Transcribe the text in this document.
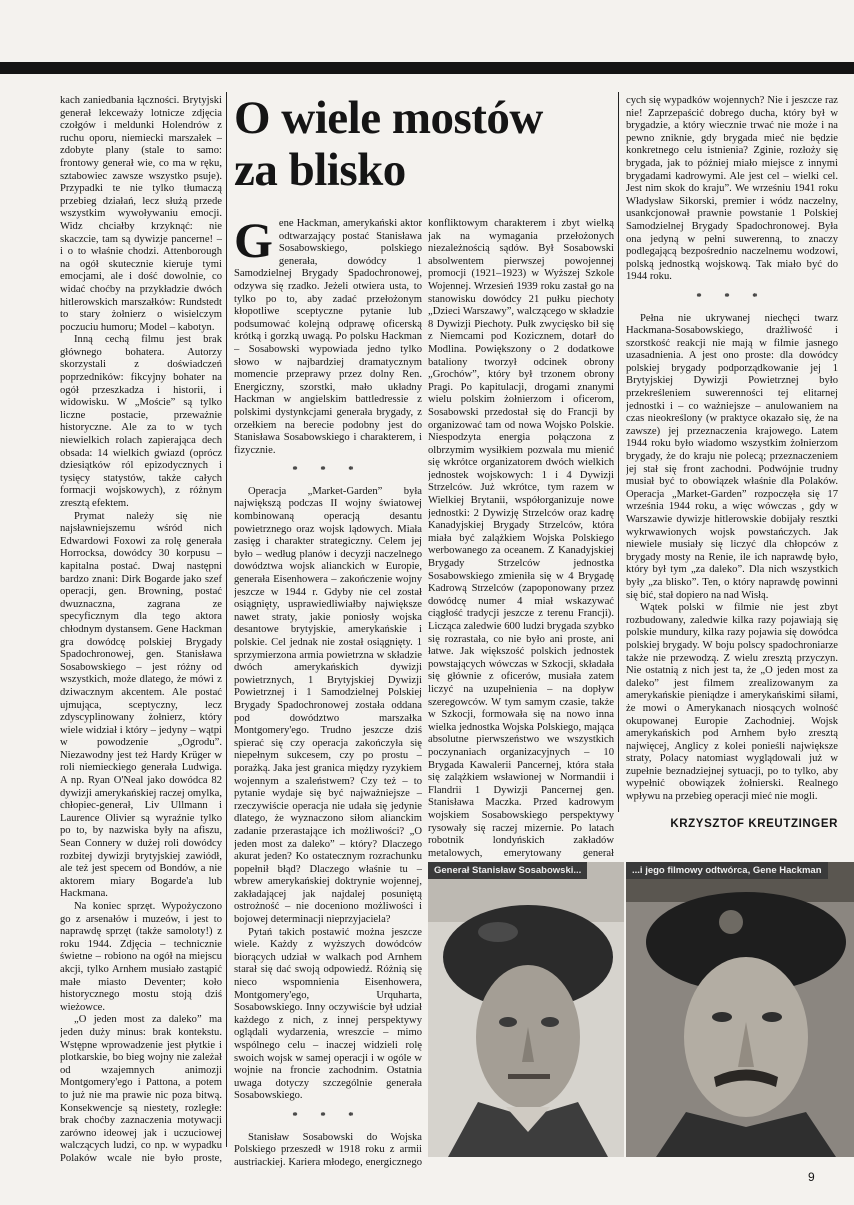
kach zaniedbania łączności. Brytyjski generał lekceważy lotnicze zdjęcia czołgów i meldunki Holendrów z ruchu oporu, niemiecki marszałek – zdobyte plany (stale to samo: frontowy generał wie, co ma w ręku, sztabowiec zawsze wszystko psuje). Przypadki te nie tylko tłumaczą przebieg działań, lecz służą przede wszystkim wywoływaniu emocji. Widz chciałby krzyknąć: nie skaczcie, tam są dywizje pancerne! – i o to właśnie chodzi. Attenborough na ogół skutecznie kieruje tymi emocjami, ale i dość dowolnie, co widać choćby na przykładzie dwóch hitlerowskich marszałków: Rundstedt to stary żołnierz o wisielczym poczuciu humoru; Model – kabotyn.

Inną cechą filmu jest brak głównego bohatera. Autorzy skorzystali z doświadczeń poprzedników: fikcyjny bohater na ogół przeszkadza i historii, i widowisku. W „Moście” są tylko liczne postacie, przeważnie historyczne. Ale za to w tych niewielkich rolach zapierająca dech obsada: 14 wielkich gwiazd (oprócz dziesiątków ról epizodycznych i tysięcy statystów, także całych formacji wojskowych), z różnym zresztą efektem.

Prymat należy się nie najsławniejszemu wśród nich Edwardowi Foxowi za rolę generała Horrocksa, dowódcy 30 korpusu – kapitalna postać. Dwaj następni bardzo znani: Dirk Bogarde jako szef operacji, gen. Browning, postać dwuznaczna, zagrana ze specyficznym dla tego aktora chłodnym dystansem. Gene Hackman gra dowódcę polskiej Brygady Spadochronowej, gen. Stanisława Sosabowskiego – jest różny od wszystkich, może dlatego, że mówi z dziwacznym akcentem. Ale postać ujmująca, sceptyczny, lecz zdyscyplinowany żołnierz, który wiele widział i który – jedyny – wątpi w powodzenie „Ogrodu”. Niezawodny jest też Hardy Krüger w roli niemieckiego generała Ludwiga. A np. Ryan O'Neal jako dowódca 82 dywizji amerykańskiej raczej omylka, chłopiec-generał, Liv Ullmann i Laurence Olivier są wyraźnie tylko po to, by nazwiska były na afiszu, Sean Connery w dużej roli dowódcy rozbitej dywizji brytyjskiej zawiódł, ale też jest specem od Bondów, a nie aktorem miary Bogarde'a lub Hackmana.

Na koniec sprzęt. Wypożyczono go z arsenałów i muzeów, i jest to naprawdę sprzęt (także samoloty!) z roku 1944. Zdjęcia – technicznie świetne – robiono na ogół na miejscu akcji, tylko Arnhem musiało zastąpić małe miasto Deventer; koło historycznego mostu stoją dziś wieżowce.

„O jeden most za daleko” ma jeden duży minus: brak kontekstu. Wstępne wprowadzenie jest płytkie i plotkarskie, bo bieg wojny nie zależał od wzajemnych animozji Montgomery'ego i Pattona, a potem to już nie ma prawie nic poza bitwą. Konsekwencje są niestety, rozległe: brak choćby zaznaczenia motywacji zarówno ideowej jak i uczuciowej walczących ludzi, co np. w wypadku Polaków wcale nie było proste,

O wiele mostów
za blisko

Gene Hackman, amerykański aktor odtwarzający postać Stanisława Sosabowskiego, polskiego generała, dowódcy 1 Samodzielnej Brygady Spadochronowej, odzywa się rzadko. Jeżeli otwiera usta, to tylko po to, aby zadać przełożonym kłopotliwe sceptyczne pytanie lub podsumować kolejną odprawę oficerską krótką i gorzką uwagą. Po polsku Hackman – Sosabowski wypowiada jedno tylko słowo w najbardziej dramatycznym momencie przeprawy przez dolny Ren. Energiczny, szorstki, mało układny Hackman w angielskim battledressie z polskimi dystynkcjami generała brygady, z orzełkiem na berecie podobny jest do Stanisława Sosabowskiego i charakterem, i fizycznie.

* * *

Operacja „Market-Garden” była największą podczas II wojny światowej kombinowaną operacją desantu powietrznego oraz wojsk lądowych. Miała zasięg i charakter strategiczny. Celem jej było – według planów i decyzji naczelnego dowództwa wojsk alianckich w Europie, generała Eisenhowera – zakończenie wojny jeszcze w 1944 r. Gdyby nie cel został osiągnięty, usprawiedliwiałby największe nawet straty, jakie poniosły wojska desantowe brytyjskie, amerykańskie i polskie. Cel jednak nie został osiągnięty. 1 sprzymierzona armia powietrzna w składzie dwóch amerykańskich dywizji powietrznych, 1 Brytyjskiej Dywizji Powietrznej i 1 Samodzielnej Polskiej Brygady Spadochronowej została oddana pod dowództwo marszałka Montgomery'ego. Trudno jeszcze dziś spierać się czy operacja zakończyła się niepełnym sukcesem, czy po prostu – porażką. Jaka jest granica między ryzykiem wojennym a szaleństwem? Czy też – to pytanie wydaje się być najważniejsze – rzeczywiście operacja nie udała się jedynie dlatego, że wyznaczono siłom alianckim zadanie przerastające ich możliwości? „O jeden most za daleko” – który? Dlaczego akurat jeden? Ko ostatecznym rozrachunku popełnił błąd? Dlaczego właśnie tu – wbrew amerykańskiej doktrynie wojennej, zakładającej jak najdalej posuniętą ostrożność – nie doceniono możliwości i bojowej determinacji nieprzyjaciela?

Pytań takich postawić można jeszcze wiele. Każdy z wyższych dowódców biorących udział w walkach pod Arnhem starał się dać swoją odpowiedź. Różnią się nieco wspomnienia Eisenhowera, Montgomery'ego, Urquharta, Sosabowskiego. Inny oczywiście był udział każdego z nich, z innej perspektywy oglądali wydarzenia, wreszcie – mimo wspólnego celu – inaczej widzieli rolę swoich wojsk w samej operacji i w ogóle w wojnie na froncie zachodnim. Ostatnia uwaga dotyczy szczególnie generała Sosabowskiego.

* * *

Stanisław Sosabowski do Wojska Polskiego przeszedł w 1918 roku z armii austriackiej. Kariera młodego, energicznego

konfliktowym charakterem i zbyt wielką jak na wymagania przełożonych niezależnością sądów. Był Sosabowski absolwentem pierwszej powojennej promocji (1921–1923) w Wyższej Szkole Wojennej. Wrzesień 1939 roku zastał go na stanowisku dowódcy 21 pułku piechoty „Dzieci Warszawy”, walczącego w składzie 8 Dywizji Piechoty. Pułk zwycięsko bił się z Niemcami pod Kozicznem, dotarł do Modlina. Powiększony o 2 dodatkowe bataliony tworzył odcinek obrony „Grochów”, który był trzonem obrony Pragi. Po kapitulacji, drogami znanymi wielu polskim żołnierzom i oficerom, Sosabowski przedostał się do Francji by organizować tam od nowa Wojsko Polskie. Niespodzyta energia połączona z olbrzymim wysiłkiem pozwala mu mienić się wkrótce organizatorem dwóch wielkich jednostek wojskowych: 1 i 4 Dywizji Strzelców. Już wkrótce, tym razem w Wielkiej Brytanii, współorganizuje nowe jednostki: 2 Dywizję Strzelców oraz kadrę Kanadyjskiej Brygady Strzelców, która miała być zalążkiem Wojska Polskiego werbowanego za oceanem. Z Kanadyjskiej Brygady Strzelców jednostka Sosabowskiego zmieniła się w 4 Brygadę Kadrową Strzelców (zapoponowany przez dowódcę numer 4 miał wskazywać ciągłość tradycji jeszcze z terenu Francji). Licząca zaledwie 600 ludzi brygada szybko się rozrastała, co nie było ani proste, ani łatwe. Jak większość polskich jednostek powstających wówczas w Szkocji, składała się głównie z oficerów, musiała zatem liczyć na uzupełnienia – na dopływ szeregowców. W tym samym czasie, także w Szkocji, formowała się na nowo inna wielka jednostka Wojska Polskiego, mająca absolutne pierwszeństwo we wszystkich poczynaniach organizacyjnych – 10 Brygada Kawalerii Pancernej, która stała się zalążkiem wsławionej w Normandii i Flandrii 1 Dywizji Pancernej gen. Stanisława Maczka. Przed kadrowym wojskiem Sosabowskiego perspektywy rysowały się raczej mizernie. Po latach robotnik londyńskich zakładów metalowych, emerytowany generał

cych się wypadków wojennych? Nie i jeszcze raz nie! Zaprzepaścić dobrego ducha, który był w brygadzie, a który wiecznie trwać nie może i na pewno zniknie, gdy brygada mieć nie będzie konkretnego celu istnienia? Zginie, rozłoży się brygada, jak to później miało miejsce z innymi brygadami kadrowymi. Ale jest cel – wielki cel. Jest nim skok do kraju”. We wrześniu 1941 roku Władysław Sikorski, premier i wódz naczelny, usankcjonował prawnie powstanie 1 Polskiej Samodzielnej Brygady Spadochronowej. Była ona jedyną w pełni suwerenną, to znaczy podlegającą bezpośrednio naczelnemu wodzowi, polską jednostką wojskową. Tak miało być do 1944 roku.

* * *

Pełna nie ukrywanej niechęci twarz Hackmana-Sosabowskiego, drażliwość i szorstkość reakcji nie mają w filmie jasnego uzasadnienia. A jest ono proste: dla dowódcy polskiej brygady podporządkowanie jej 1 Brytyjskiej Dywizji Powietrznej było przekreśleniem suwerenności tej elitarnej jednostki i – co ważniejsze – anulowaniem na czas nieokreślony (w praktyce okazało się, że na zawsze) jej przeznaczenia krajowego. Latem 1944 roku było wiadomo wszystkim żołnierzom brygady, że do kraju nie polecą; przeznaczeniem jej stał się front zachodni. Podwójnie trudny musiał być to obowiązek właśnie dla Polaków. Operacja „Market-Garden” rozpoczęła się 17 września 1944 roku, a więc wówczas , gdy w Warszawie dywizje hitlerowskie dobijały resztki wykrwawionych wojsk powstańczych. Jak niewiele musiały się liczyć dla chłopców z brygady mosty na Renie, ile ich naprawdę było, który był tym „za daleko”. Dla nich wszystkich były „za blisko”. Ten, o który naprawdę powinni się bić, stał dopiero na nad Wisłą.

Wątek polski w filmie nie jest zbyt rozbudowany, zaledwie kilka razy pojawiają się polskie mundury, kilka razy pojawia się dowódca polskiej brygady. W boju polscy spadochroniarze także nie przewodzą. Z wielu zresztą przyczyn. Nie ostatnią z nich jest ta, że „O jeden most za daleko” jest filmem zrealizowanym za amerykańskie pieniądze i amerykańskimi siłami, że mowi o Amerykanach niosących wolność okupowanej Europie Zachodniej. Wojsk amerykańskich pod Arnhem było zresztą najwięcej, Anglicy z kolei ponieśli największe straty, Polacy natomiast wyglądowali już w zupełnie beznadziejnej sytuacji, po to tylko, aby wypełnić obowiązek żołnierski. Realnego wpływu na przebieg operacji mieć nie mogli.

KRZYSZTOF KREUTZINGER
Generał Stanisław Sosabowski...	...i jego filmowy odtwórca, Gene Hackman
9
